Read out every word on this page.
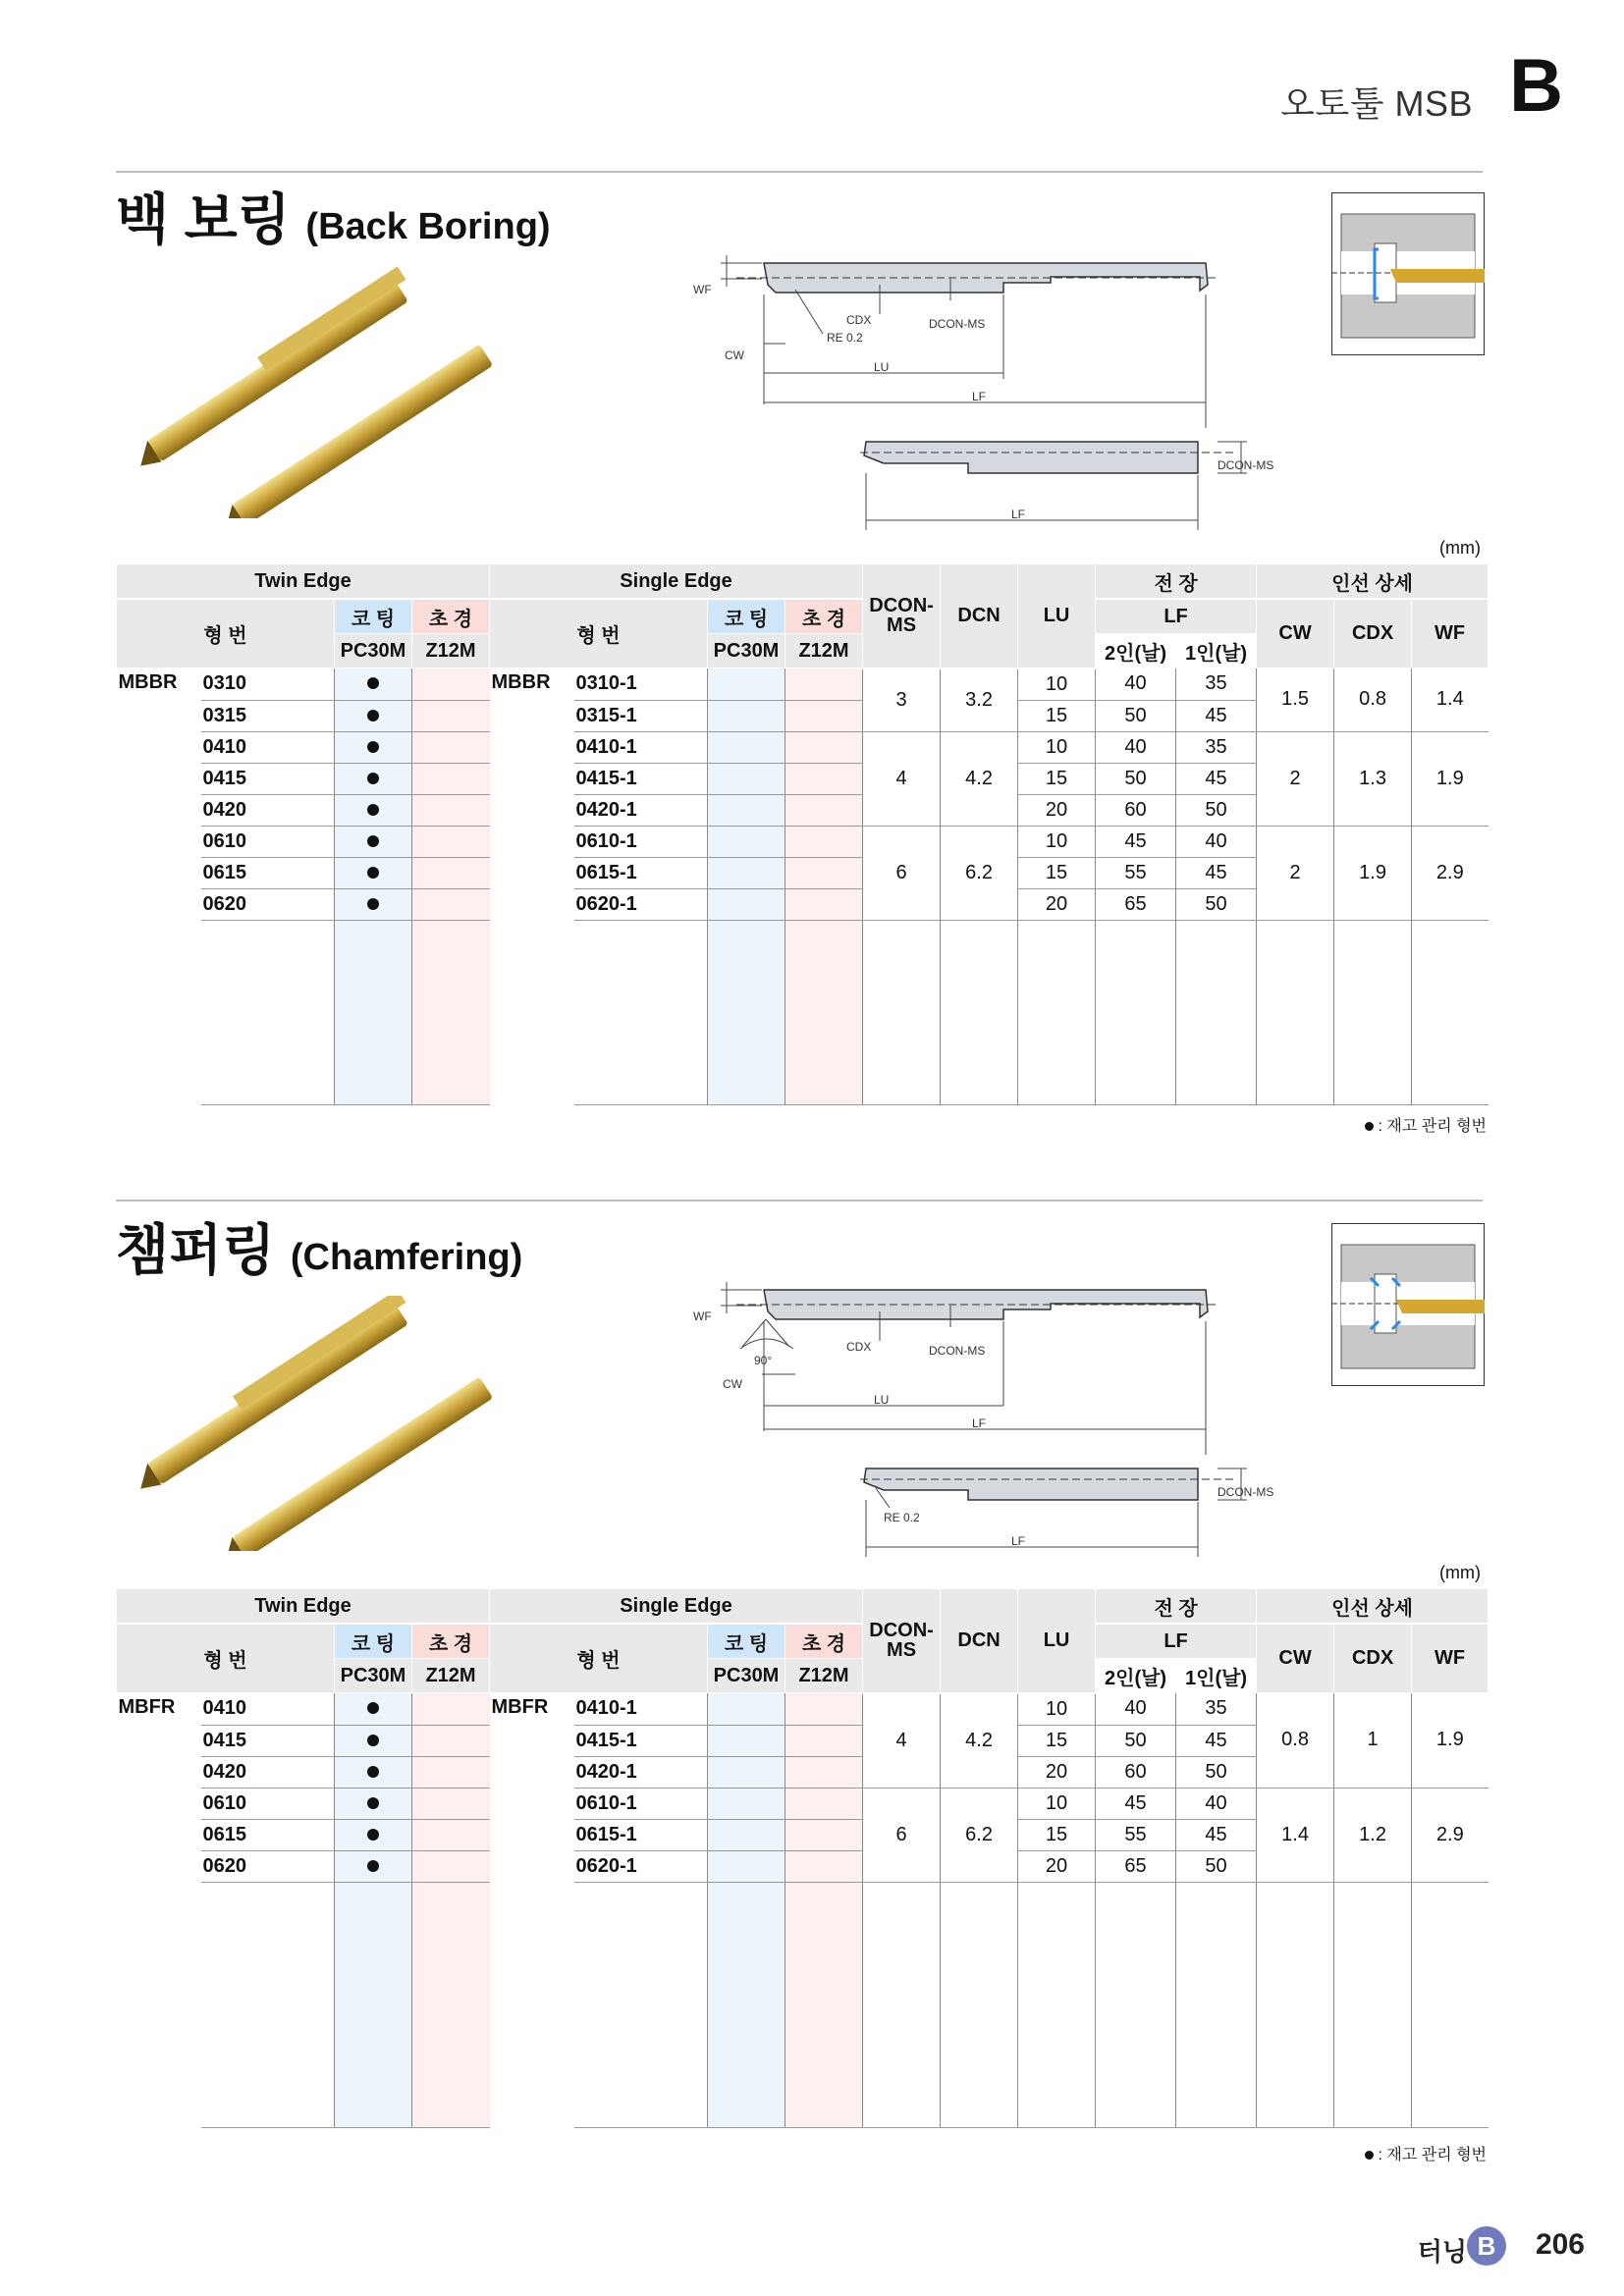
오토툴 MSB B
백 보링 (Back Boring)
WF
CW
CDX
RE 0.2
DCON-MS
LU
LF
DCON-MS
LF
(mm)
Twin Edge				Single Edge				DCON-MS	DCN	LU	전 장		인선 상세		
형 번		코 팅	초 경	형 번		코 팅	초 경				LF		CW	CDX	WF
		PC30M	Z12M			PC30M	Z12M				2인(날)	1인(날)			
MBBR	0310			MBBR	0310-1			3	3.2	10	40	35	1.5	0.8	1.4
	0315				0315-1					15	50	45			
	0410				0410-1			4	4.2	10	40	35	2	1.3	1.9
	0415				0415-1					15	50	45			
	0420				0420-1					20	60	50			
	0610				0610-1			6	6.2	10	45	40	2	1.9	2.9
	0615				0615-1					15	55	45			
	0620				0620-1					20	65	50			

: 재고 관리 형번
챔퍼링 (Chamfering)
WF
90°
CW
CDX	DCON-MS
LU
LF
DCON-MS
RE 0.2
LF
(mm)
Twin Edge				Single Edge				DCON-MS	DCN	LU	전 장		인선 상세		
형 번		코 팅	초 경	형 번		코 팅	초 경				LF		CW	CDX	WF
		PC30M	Z12M			PC30M	Z12M				2인(날)	1인(날)			
MBFR	0410			MBFR	0410-1			4	4.2	10	40	35	0.8	1	1.9
	0415				0415-1					15	50	45			
	0420				0420-1					20	60	50			
	0610				0610-1			6	6.2	10	45	40	1.4	1.2	2.9
	0615				0615-1					15	55	45			
	0620				0620-1					20	65	50			

: 재고 관리 형번
터닝 B	206
